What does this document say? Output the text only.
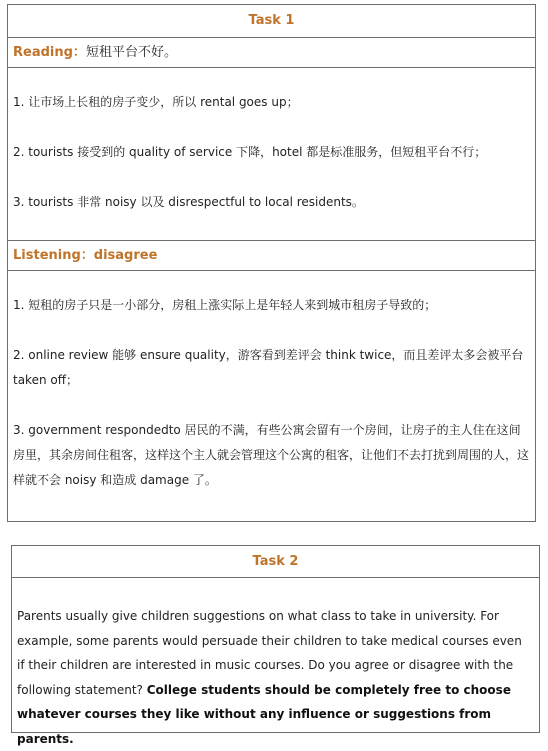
Task 1
Reading：短租平台不好。

1. 让市场上长租的房子变少，所以 rental goes up；

2. tourists 接受到的 quality of service 下降，hotel 都是标准服务，但短租平台不行；

3. tourists 非常 noisy 以及 disrespectful to local residents。

Listening：disagree

1. 短租的房子只是一小部分，房租上涨实际上是年轻人来到城市租房子导致的；

2. online review 能够 ensure quality，游客看到差评会 think twice，而且差评太多会被平台 taken off；

3. government respondedto 居民的不满，有些公寓会留有一个房间，让房子的主人住在这间房里，其余房间住租客，这样这个主人就会管理这个公寓的租客，让他们不去打扰到周围的人，这样就不会 noisy 和造成 damage 了。

Task 2

Parents usually give children suggestions on what class to take in university. For example, some parents would persuade their children to take medical courses even if their children are interested in music courses. Do you agree or disagree with the following statement? College students should be completely free to choose whatever courses they like without any influence or suggestions from parents.
